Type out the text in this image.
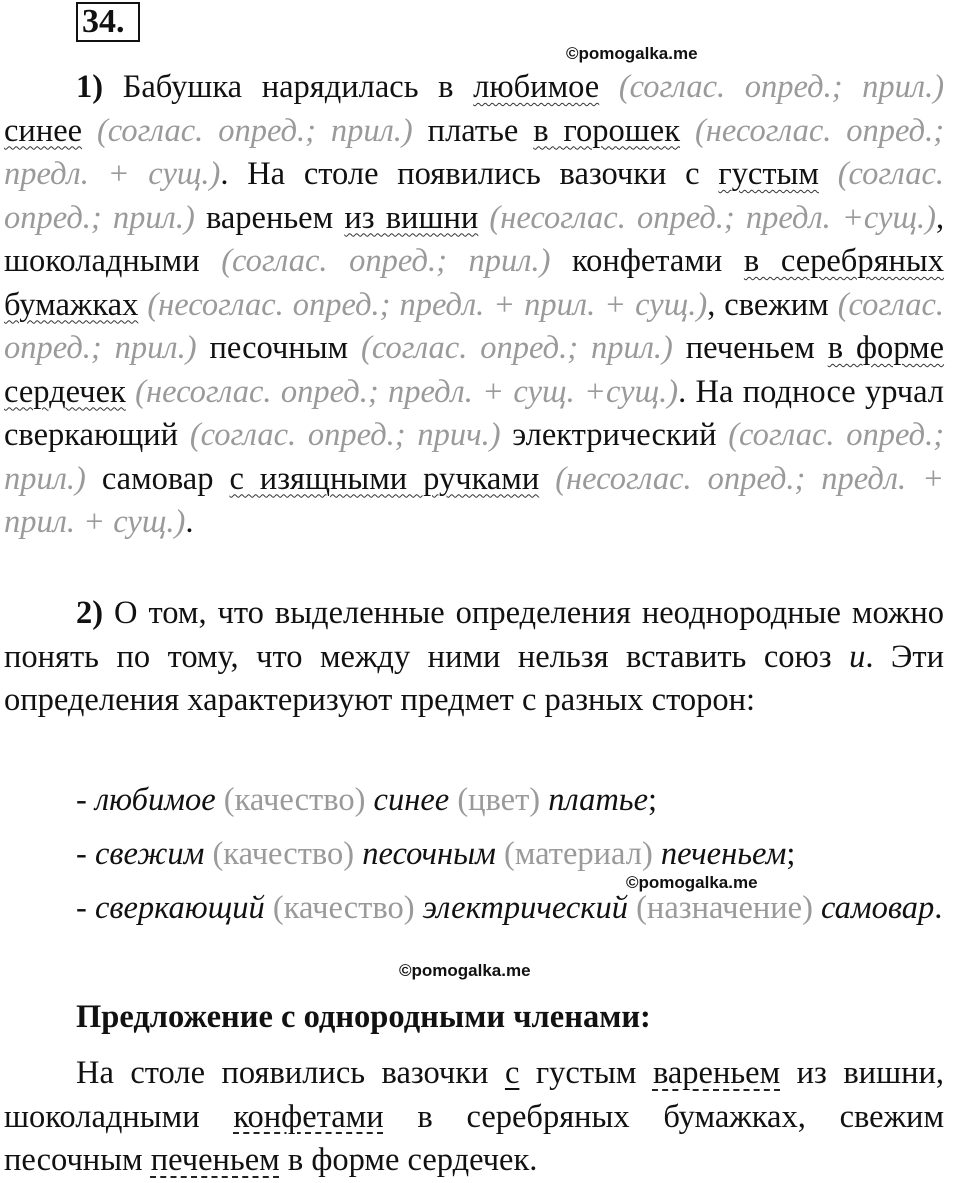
34.
©pomogalka.me
©pomogalka.me
©pomogalka.me

1) Бабушка нарядилась в любимое (соглас. опред.; прил.) синее (соглас. опред.; прил.) платье в горошек (несоглас. опред.; предл. + сущ.). На столе появились вазочки с густым (соглас. опред.; прил.) вареньем из вишни (несоглас. опред.; предл. +сущ.), шоколадными (соглас. опред.; прил.) конфетами в серебряных бумажках (несоглас. опред.; предл. + прил. + сущ.), свежим (соглас. опред.; прил.) песочным (соглас. опред.; прил.) печеньем в форме сердечек (несоглас. опред.; предл. + сущ. +сущ.). На подносе урчал сверкающий (соглас. опред.; прич.) электрический (соглас. опред.; прил.) самовар с изящными ручками (несоглас. опред.; предл. + прил. + сущ.).

2) О том, что выделенные определения неоднородные можно понять по тому, что между ними нельзя вставить союз и. Эти определения характеризуют предмет с разных сторон:

- любимое (качество) синее (цвет) платье;

- свежим (качество) песочным (материал) печеньем;

- сверкающий (качество) электрический (назначение) самовар.

Предложение с однородными членами:

На столе появились вазочки с густым вареньем из вишни, шоколадными конфетами в серебряных бумажках, свежим песочным печеньем в форме сердечек.
